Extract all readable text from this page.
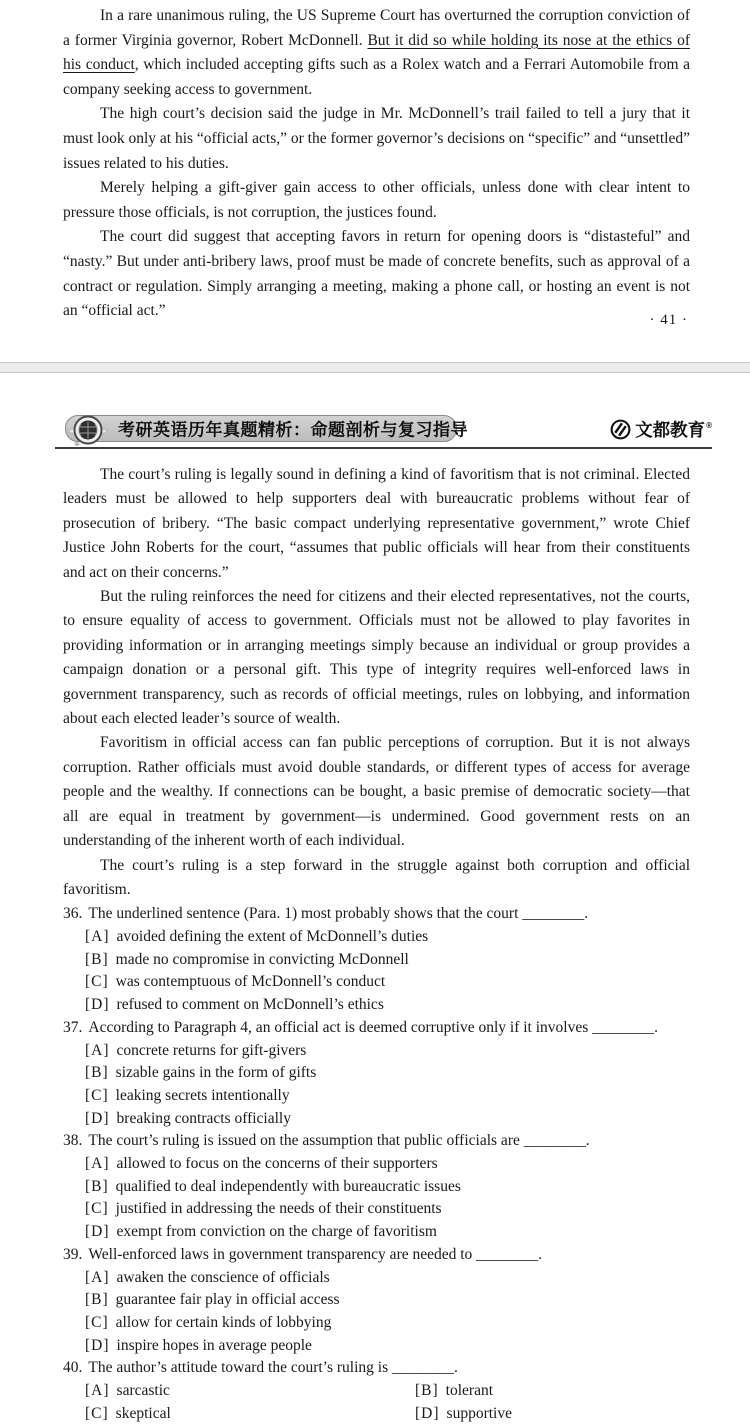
In a rare unanimous ruling, the US Supreme Court has overturned the corruption conviction of a former Virginia governor, Robert McDonnell. But it did so while holding its nose at the ethics of his conduct, which included accepting gifts such as a Rolex watch and a Ferrari Automobile from a company seeking access to government.

The high court’s decision said the judge in Mr. McDonnell’s trail failed to tell a jury that it must look only at his “official acts,” or the former governor’s decisions on “specific” and “unsettled” issues related to his duties.

Merely helping a gift-giver gain access to other officials, unless done with clear intent to pressure those officials, is not corruption, the justices found.

The court did suggest that accepting favors in return for opening doors is “distasteful” and “nasty.” But under anti-bribery laws, proof must be made of concrete benefits, such as approval of a contract or regulation. Simply arranging a meeting, making a phone call, or hosting an event is not an “official act.”

· 41 ·
考研英语历年真题精析：命题剖析与复习指导	文都教育®

The court’s ruling is legally sound in defining a kind of favoritism that is not criminal. Elected leaders must be allowed to help supporters deal with bureaucratic problems without fear of prosecution of bribery. “The basic compact underlying representative government,” wrote Chief Justice John Roberts for the court, “assumes that public officials will hear from their constituents and act on their concerns.”

But the ruling reinforces the need for citizens and their elected representatives, not the courts, to ensure equality of access to government. Officials must not be allowed to play favorites in providing information or in arranging meetings simply because an individual or group provides a campaign donation or a personal gift. This type of integrity requires well-enforced laws in government transparency, such as records of official meetings, rules on lobbying, and information about each elected leader’s source of wealth.

Favoritism in official access can fan public perceptions of corruption. But it is not always corruption. Rather officials must avoid double standards, or different types of access for average people and the wealthy. If connections can be bought, a basic premise of democratic society—that all are equal in treatment by government—is undermined. Good government rests on an understanding of the inherent worth of each individual.

The court’s ruling is a step forward in the struggle against both corruption and official favoritism.

36. The underlined sentence (Para. 1) most probably shows that the court ________.
[A] avoided defining the extent of McDonnell’s duties
[B] made no compromise in convicting McDonnell
[C] was contemptuous of McDonnell’s conduct
[D] refused to comment on McDonnell’s ethics
37. According to Paragraph 4, an official act is deemed corruptive only if it involves ________.
[A] concrete returns for gift-givers
[B] sizable gains in the form of gifts
[C] leaking secrets intentionally
[D] breaking contracts officially
38. The court’s ruling is issued on the assumption that public officials are ________.
[A] allowed to focus on the concerns of their supporters
[B] qualified to deal independently with bureaucratic issues
[C] justified in addressing the needs of their constituents
[D] exempt from conviction on the charge of favoritism
39. Well-enforced laws in government transparency are needed to ________.
[A] awaken the conscience of officials
[B] guarantee fair play in official access
[C] allow for certain kinds of lobbying
[D] inspire hopes in average people
40. The author’s attitude toward the court’s ruling is ________.
[A] sarcastic	[B] tolerant
[C] skeptical	[D] supportive
